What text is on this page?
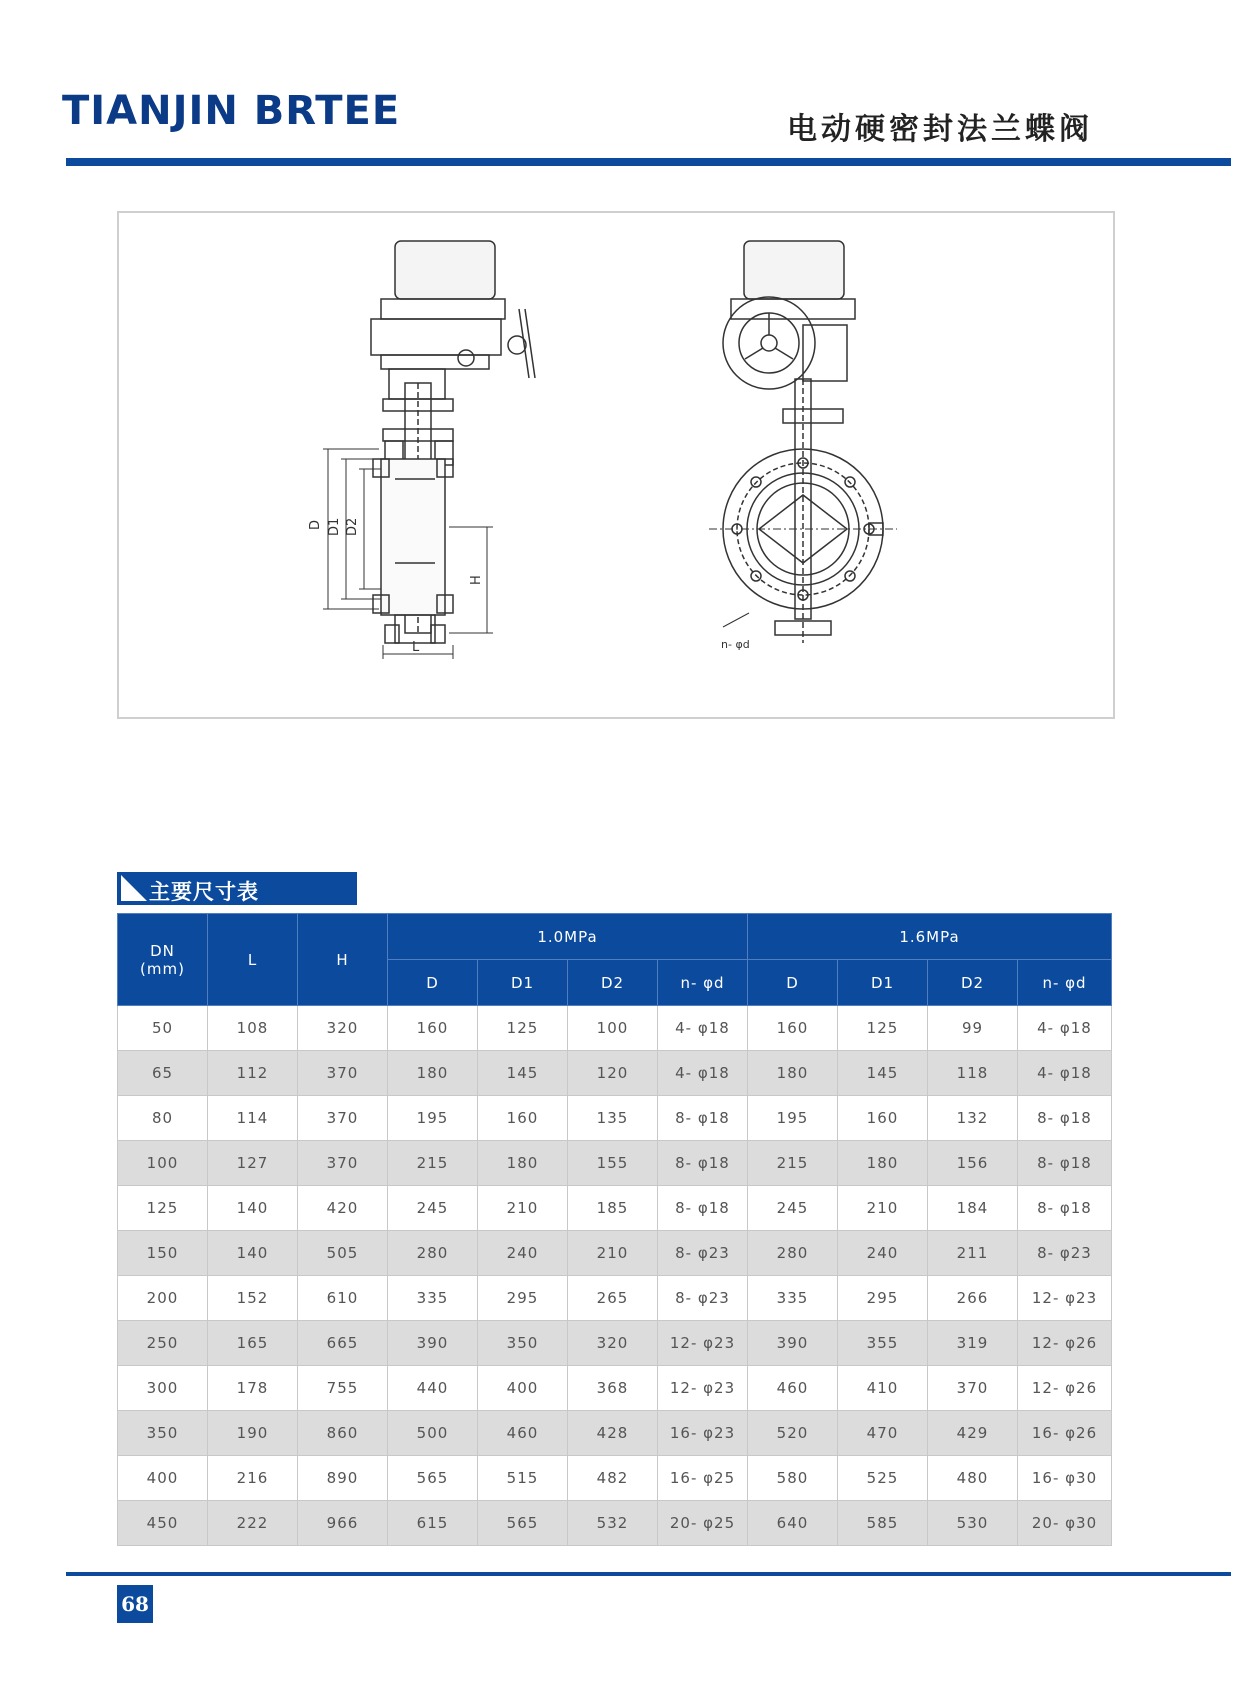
TIANJIN BRTEE	电动硬密封法兰蝶阀
D D1 D2
H
L	n- φd
主要尺寸表
DN
(mm)	L	H	1.0MPa				1.6MPa			
			D	D1	D2	n- φd	D	D1	D2	n- φd
50	108	320	160	125	100	4- φ18	160	125	99	4- φ18
65	112	370	180	145	120	4- φ18	180	145	118	4- φ18
80	114	370	195	160	135	8- φ18	195	160	132	8- φ18
100	127	370	215	180	155	8- φ18	215	180	156	8- φ18
125	140	420	245	210	185	8- φ18	245	210	184	8- φ18
150	140	505	280	240	210	8- φ23	280	240	211	8- φ23
200	152	610	335	295	265	8- φ23	335	295	266	12- φ23
250	165	665	390	350	320	12- φ23	390	355	319	12- φ26
300	178	755	440	400	368	12- φ23	460	410	370	12- φ26
350	190	860	500	460	428	16- φ23	520	470	429	16- φ26
400	216	890	565	515	482	16- φ25	580	525	480	16- φ30
450	222	966	615	565	532	20- φ25	640	585	530	20- φ30
68
